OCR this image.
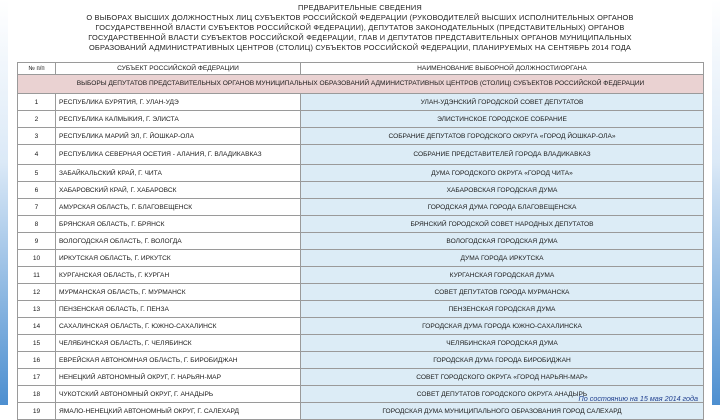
ПРЕДВАРИТЕЛЬНЫЕ СВЕДЕНИЯ
О ВЫБОРАХ ВЫСШИХ ДОЛЖНОСТНЫХ ЛИЦ СУБЪЕКТОВ РОССИЙСКОЙ ФЕДЕРАЦИИ (РУКОВОДИТЕЛЕЙ ВЫСШИХ ИСПОЛНИТЕЛЬНЫХ ОРГАНОВ
ГОСУДАРСТВЕННОЙ ВЛАСТИ СУБЪЕКТОВ РОССИЙСКОЙ ФЕДЕРАЦИИ), ДЕПУТАТОВ ЗАКОНОДАТЕЛЬНЫХ (ПРЕДСТАВИТЕЛЬНЫХ) ОРГАНОВ
ГОСУДАРСТВЕННОЙ ВЛАСТИ СУБЪЕКТОВ РОССИЙСКОЙ ФЕДЕРАЦИИ, ГЛАВ И ДЕПУТАТОВ ПРЕДСТАВИТЕЛЬНЫХ ОРГАНОВ МУНИЦИПАЛЬНЫХ
ОБРАЗОВАНИЙ АДМИНИСТРАТИВНЫХ ЦЕНТРОВ (СТОЛИЦ) СУБЪЕКТОВ РОССИЙСКОЙ ФЕДЕРАЦИИ, ПЛАНИРУЕМЫХ НА СЕНТЯБРЬ 2014 ГОДА
№ п/п	СУБЪЕКТ РОССИЙСКОЙ ФЕДЕРАЦИИ	НАИМЕНОВАНИЕ ВЫБОРНОЙ ДОЛЖНОСТИ/ОРГАНА
ВЫБОРЫ ДЕПУТАТОВ ПРЕДСТАВИТЕЛЬНЫХ ОРГАНОВ МУНИЦИПАЛЬНЫХ ОБРАЗОВАНИЙ АДМИНИСТРАТИВНЫХ ЦЕНТРОВ (СТОЛИЦ) СУБЪЕКТОВ РОССИЙСКОЙ ФЕДЕРАЦИИ		
1	РЕСПУБЛИКА БУРЯТИЯ, Г. УЛАН-УДЭ	УЛАН-УДЭНСКИЙ ГОРОДСКОЙ СОВЕТ ДЕПУТАТОВ
2	РЕСПУБЛИКА КАЛМЫКИЯ, Г. ЭЛИСТА	ЭЛИСТИНСКОЕ ГОРОДСКОЕ СОБРАНИЕ
3	РЕСПУБЛИКА МАРИЙ ЭЛ, Г. ЙОШКАР-ОЛА	СОБРАНИЕ ДЕПУТАТОВ ГОРОДСКОГО ОКРУГА «ГОРОД ЙОШКАР-ОЛА»
4	РЕСПУБЛИКА СЕВЕРНАЯ ОСЕТИЯ - АЛАНИЯ, Г. ВЛАДИКАВКАЗ	СОБРАНИЕ ПРЕДСТАВИТЕЛЕЙ ГОРОДА ВЛАДИКАВКАЗ
5	ЗАБАЙКАЛЬСКИЙ КРАЙ, Г. ЧИТА	ДУМА ГОРОДСКОГО ОКРУГА «ГОРОД ЧИТА»
6	ХАБАРОВСКИЙ КРАЙ, Г. ХАБАРОВСК	ХАБАРОВСКАЯ ГОРОДСКАЯ ДУМА
7	АМУРСКАЯ ОБЛАСТЬ, Г. БЛАГОВЕЩЕНСК	ГОРОДСКАЯ ДУМА ГОРОДА БЛАГОВЕЩЕНСКА
8	БРЯНСКАЯ ОБЛАСТЬ, Г. БРЯНСК	БРЯНСКИЙ ГОРОДСКОЙ СОВЕТ НАРОДНЫХ ДЕПУТАТОВ
9	ВОЛОГОДСКАЯ ОБЛАСТЬ, Г. ВОЛОГДА	ВОЛОГОДСКАЯ ГОРОДСКАЯ ДУМА
10	ИРКУТСКАЯ ОБЛАСТЬ, Г. ИРКУТСК	ДУМА ГОРОДА ИРКУТСКА
11	КУРГАНСКАЯ ОБЛАСТЬ, Г. КУРГАН	КУРГАНСКАЯ ГОРОДСКАЯ ДУМА
12	МУРМАНСКАЯ ОБЛАСТЬ, Г. МУРМАНСК	СОВЕТ ДЕПУТАТОВ ГОРОДА МУРМАНСКА
13	ПЕНЗЕНСКАЯ ОБЛАСТЬ, Г. ПЕНЗА	ПЕНЗЕНСКАЯ ГОРОДСКАЯ ДУМА
14	САХАЛИНСКАЯ ОБЛАСТЬ, Г. ЮЖНО-САХАЛИНСК	ГОРОДСКАЯ ДУМА ГОРОДА ЮЖНО-САХАЛИНСКА
15	ЧЕЛЯБИНСКАЯ ОБЛАСТЬ, Г. ЧЕЛЯБИНСК	ЧЕЛЯБИНСКАЯ ГОРОДСКАЯ ДУМА
16	ЕВРЕЙСКАЯ АВТОНОМНАЯ ОБЛАСТЬ, Г. БИРОБИДЖАН	ГОРОДСКАЯ ДУМА ГОРОДА БИРОБИДЖАН
17	НЕНЕЦКИЙ АВТОНОМНЫЙ ОКРУГ, Г. НАРЬЯН-МАР	СОВЕТ ГОРОДСКОГО ОКРУГА «ГОРОД НАРЬЯН-МАР»
18	ЧУКОТСКИЙ АВТОНОМНЫЙ ОКРУГ, Г. АНАДЫРЬ	СОВЕТ ДЕПУТАТОВ ГОРОДСКОГО ОКРУГА АНАДЫРЬ
19	ЯМАЛО-НЕНЕЦКИЙ АВТОНОМНЫЙ ОКРУГ, Г. САЛЕХАРД	ГОРОДСКАЯ ДУМА МУНИЦИПАЛЬНОГО ОБРАЗОВАНИЯ ГОРОД САЛЕХАРД
По состоянию на 15 мая 2014 года
